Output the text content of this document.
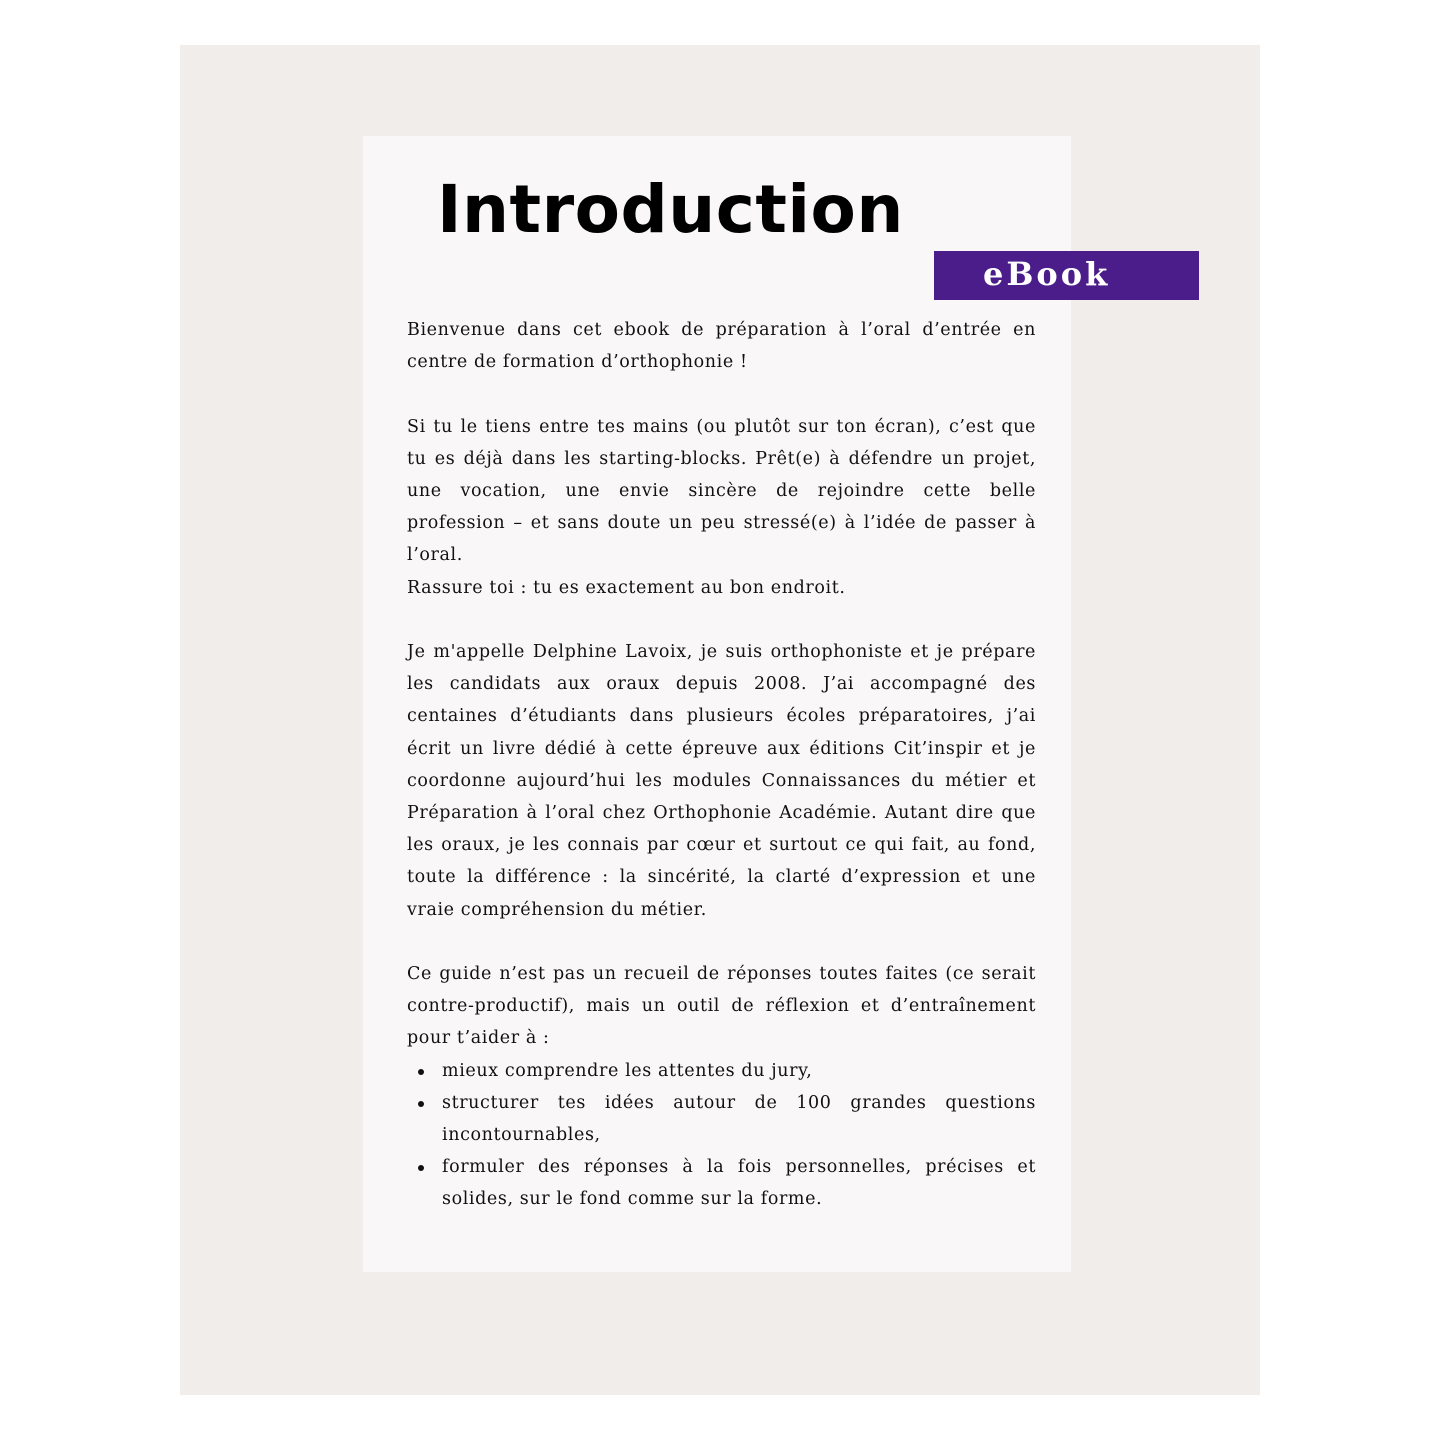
Introduction
eBook

Bienvenue dans cet ebook de préparation à l’oral d’entrée en centre de formation d’orthophonie !

Si tu le tiens entre tes mains (ou plutôt sur ton écran), c’est que tu es déjà dans les starting-blocks. Prêt(e) à défendre un projet, une vocation, une envie sincère de rejoindre cette belle profession – et sans doute un peu stressé(e) à l’idée de passer à l’oral.

Rassure toi : tu es exactement au bon endroit.

Je m'appelle Delphine Lavoix, je suis orthophoniste et je prépare les candidats aux oraux depuis 2008. J’ai accompagné des centaines d’étudiants dans plusieurs écoles préparatoires, j’ai écrit un livre dédié à cette épreuve aux éditions Cit’inspir et je coordonne aujourd’hui les modules Connaissances du métier et Préparation à l’oral chez Orthophonie Académie. Autant dire que les oraux, je les connais par cœur et surtout ce qui fait, au fond, toute la différence : la sincérité, la clarté d’expression et une vraie compréhension du métier.

Ce guide n’est pas un recueil de réponses toutes faites (ce serait contre-productif), mais un outil de réflexion et d’entraînement pour t’aider à :

mieux comprendre les attentes du jury,
structurer tes idées autour de 100 grandes questions incontournables,
formuler des réponses à la fois personnelles, précises et solides, sur le fond comme sur la forme.
